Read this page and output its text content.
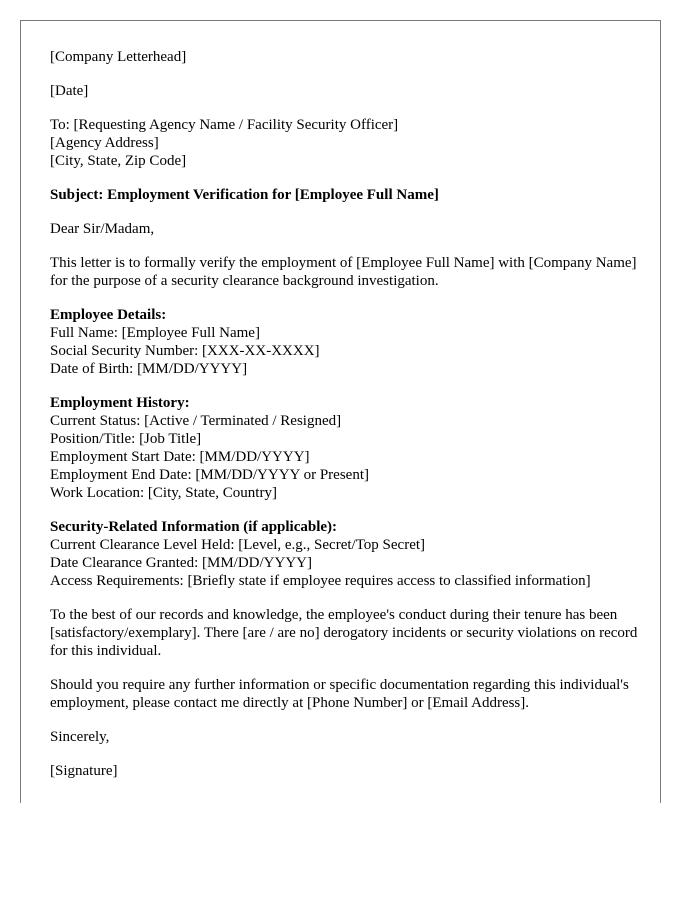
[Company Letterhead]

[Date]

To: [Requesting Agency Name / Facility Security Officer]
[Agency Address]
[City, State, Zip Code]

Subject: Employment Verification for [Employee Full Name]

Dear Sir/Madam,

This letter is to formally verify the employment of [Employee Full Name] with [Company Name] for the purpose of a security clearance background investigation.

Employee Details:
Full Name: [Employee Full Name]
Social Security Number: [XXX-XX-XXXX]
Date of Birth: [MM/DD/YYYY]

Employment History:
Current Status: [Active / Terminated / Resigned]
Position/Title: [Job Title]
Employment Start Date: [MM/DD/YYYY]
Employment End Date: [MM/DD/YYYY or Present]
Work Location: [City, State, Country]

Security-Related Information (if applicable):
Current Clearance Level Held: [Level, e.g., Secret/Top Secret]
Date Clearance Granted: [MM/DD/YYYY]
Access Requirements: [Briefly state if employee requires access to classified information]

To the best of our records and knowledge, the employee's conduct during their tenure has been [satisfactory/exemplary]. There [are / are no] derogatory incidents or security violations on record for this individual.

Should you require any further information or specific documentation regarding this individual's employment, please contact me directly at [Phone Number] or [Email Address].

Sincerely,

[Signature]
